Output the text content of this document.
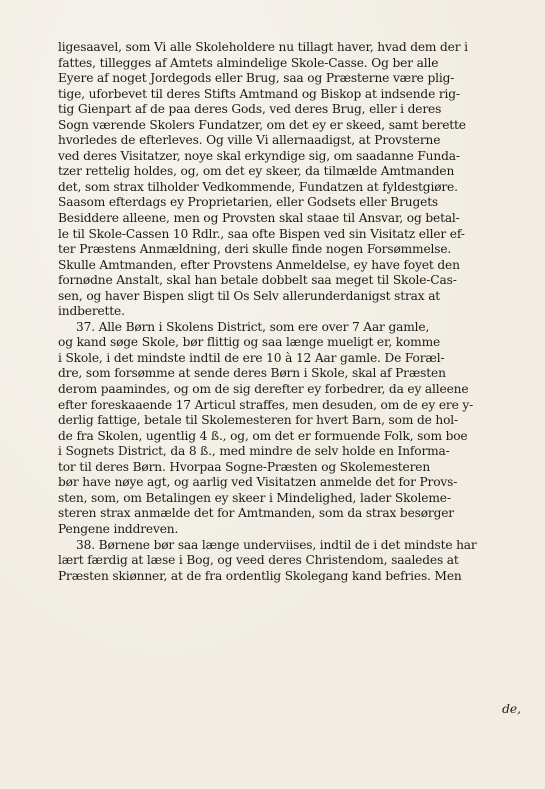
ligesaavel, som Vi alle Skoleholdere nu tillagt haver, hvad dem der i
fattes, tillegges af Amtets almindelige Skole-Casse. Og ber alle
Eyere af noget Jordegods eller Brug, saa og Præsterne være plig-
tige, uforbevet til deres Stifts Amtmand og Biskop at indsende rig-
tig Gienpart af de paa deres Gods, ved deres Brug, eller i deres
Sogn værende Skolers Fundatzer, om det ey er skeed, samt berette
hvorledes de efterleves. Og ville Vi allernaadigst, at Provsterne
ved deres Visitatzer, noye skal erkyndige sig, om saadanne Funda-
tzer rettelig holdes, og, om det ey skeer, da tilmælde Amtmanden
det, som strax tilholder Vedkommende, Fundatzen at fyldestgiøre.
Saasom efterdags ey Proprietarien, eller Godsets eller Brugets
Besiddere alleene, men og Provsten skal staae til Ansvar, og betal-
le til Skole-Cassen 10 Rdlr., saa ofte Bispen ved sin Visitatz eller ef-
ter Præstens Anmældning, deri skulle finde nogen Forsømmelse.
Skulle Amtmanden, efter Provstens Anmeldelse, ey have foyet den
fornødne Anstalt, skal han betale dobbelt saa meget til Skole-Cas-
sen, og haver Bispen sligt til Os Selv allerunderdanigst strax at
indberette.
37. Alle Børn i Skolens District, som ere over 7 Aar gamle,
og kand søge Skole, bør flittig og saa længe mueligt er, komme
i Skole, i det mindste indtil de ere 10 à 12 Aar gamle. De Foræl-
dre, som forsømme at sende deres Børn i Skole, skal af Præsten
derom paamindes, og om de sig derefter ey forbedrer, da ey alleene
efter foreskaaende 17 Articul straffes, men desuden, om de ey ere y-
derlig fattige, betale til Skolemesteren for hvert Barn, som de hol-
de fra Skolen, ugentlig 4 ß., og, om det er formuende Folk, som boe
i Sognets District, da 8 ß., med mindre de selv holde en Informa-
tor til deres Børn. Hvorpaa Sogne-Præsten og Skolemesteren
bør have nøye agt, og aarlig ved Visitatzen anmelde det for Provs-
sten, som, om Betalingen ey skeer i Mindelighed, lader Skoleme-
steren strax anmælde det for Amtmanden, som da strax besørger
Pengene inddreven.
38. Børnene bør saa længe underviises, indtil de i det mindste har
lært færdig at læse i Bog, og veed deres Christendom, saaledes at
Præsten skiønner, at de fra ordentlig Skolegang kand befries. Men
de,
